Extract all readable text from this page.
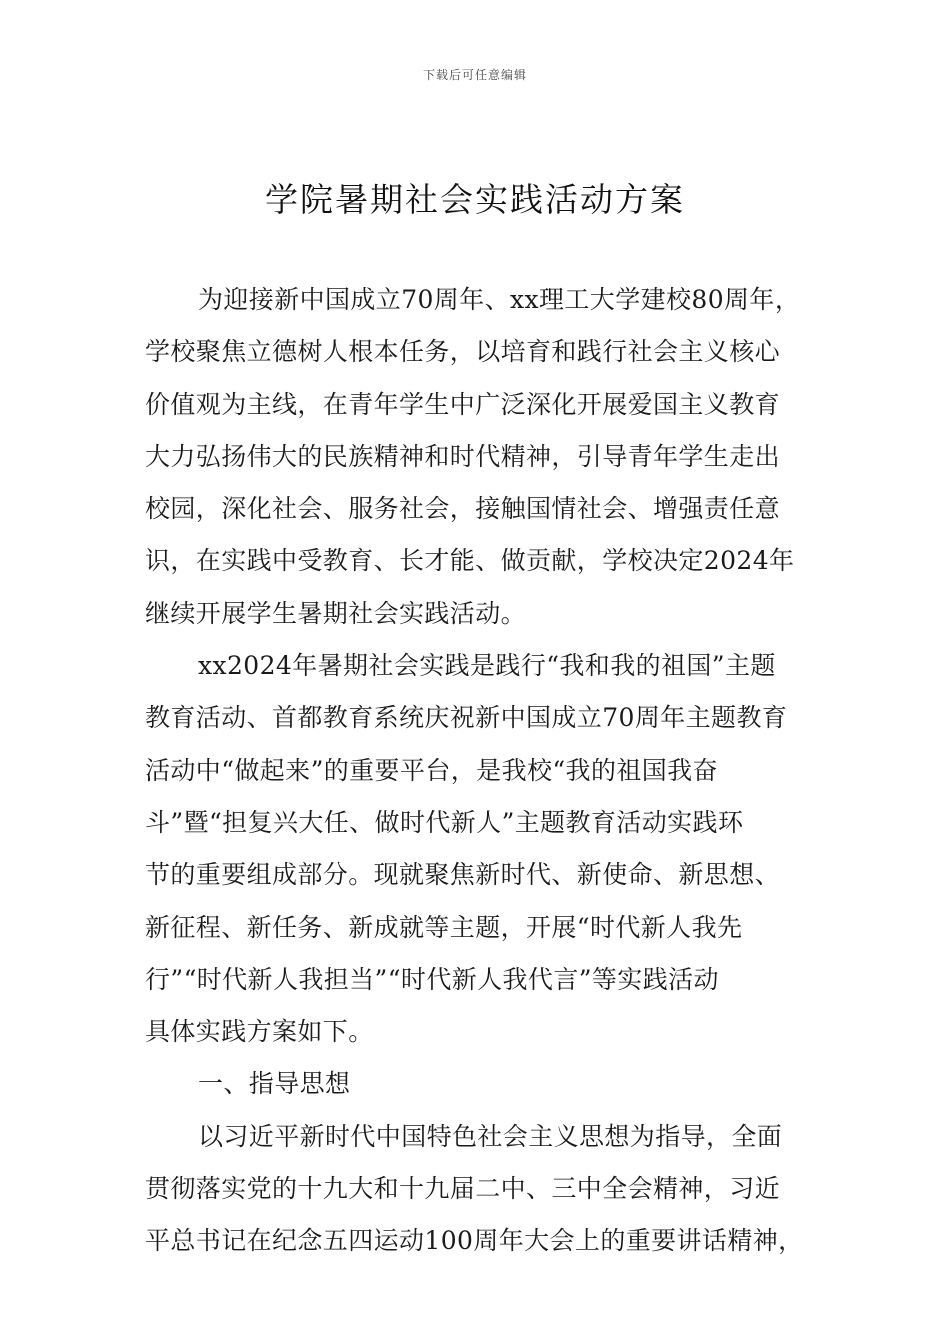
下载后可任意编辑
学院暑期社会实践活动方案
为迎接新中国成立70周年、xx理工大学建校80周年，
学校聚焦立德树人根本任务，以培育和践行社会主义核心
价值观为主线，在青年学生中广泛深化开展爱国主义教育
大力弘扬伟大的民族精神和时代精神，引导青年学生走出
校园，深化社会、服务社会，接触国情社会、增强责任意
识，在实践中受教育、长才能、做贡献，学校决定2024年
继续开展学生暑期社会实践活动。
xx2024年暑期社会实践是践行“我和我的祖国”主题
教育活动、首都教育系统庆祝新中国成立70周年主题教育
活动中“做起来”的重要平台，是我校“我的祖国我奋
斗”暨“担复兴大任、做时代新人”主题教育活动实践环
节的重要组成部分。现就聚焦新时代、新使命、新思想、
新征程、新任务、新成就等主题，开展“时代新人我先
行”“时代新人我担当”“时代新人我代言”等实践活动
具体实践方案如下。
一、指导思想
以习近平新时代中国特色社会主义思想为指导，全面
贯彻落实党的十九大和十九届二中、三中全会精神，习近
平总书记在纪念五四运动100周年大会上的重要讲话精神，
